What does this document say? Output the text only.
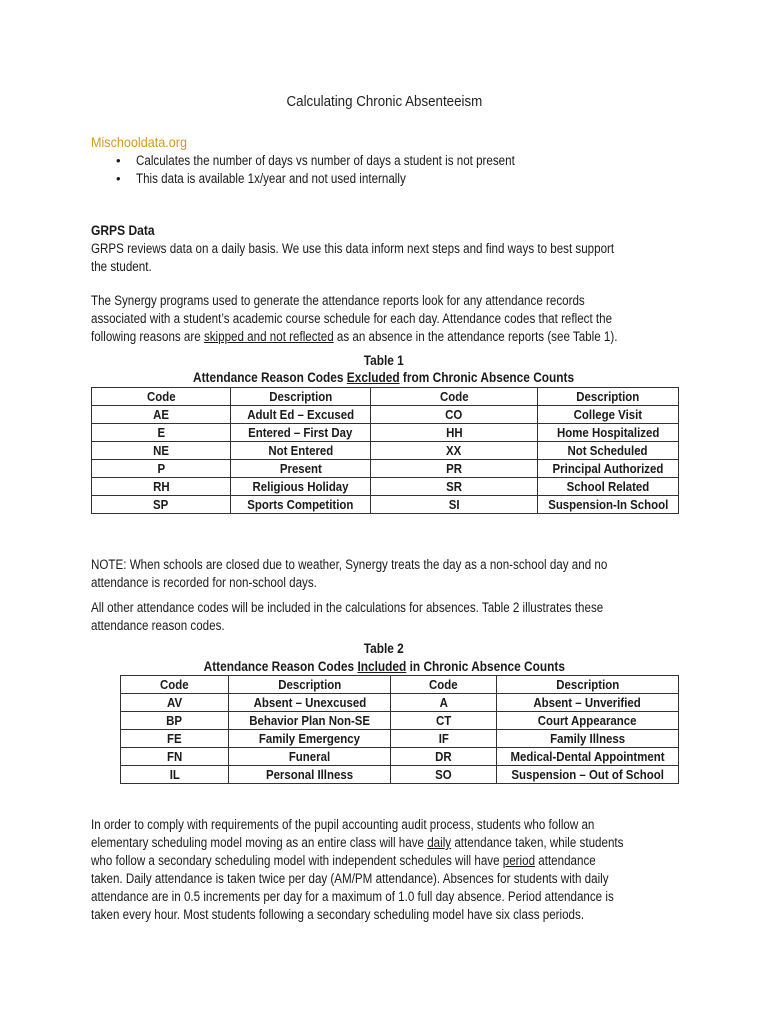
Calculating Chronic Absenteeism
Mischooldata.org
• Calculates the number of days vs number of days a student is not present
• This data is available 1x/year and not used internally
GRPS Data
GRPS reviews data on a daily basis. We use this data inform next steps and find ways to best support
the student.
The Synergy programs used to generate the attendance reports look for any attendance records
associated with a student’s academic course schedule for each day. Attendance codes that reflect the
following reasons are skipped and not reflected as an absence in the attendance reports (see Table 1).
Table 1
Attendance Reason Codes Excluded from Chronic Absence Counts
Code	Description	Code	Description
AE	Adult Ed – Excused	CO	College Visit
E	Entered – First Day	HH	Home Hospitalized
NE	Not Entered	XX	Not Scheduled
P	Present	PR	Principal Authorized
RH	Religious Holiday	SR	School Related
SP	Sports Competition	SI	Suspension-In School
NOTE: When schools are closed due to weather, Synergy treats the day as a non-school day and no
attendance is recorded for non-school days.
All other attendance codes will be included in the calculations for absences. Table 2 illustrates these
attendance reason codes.
Table 2
Attendance Reason Codes Included in Chronic Absence Counts
Code	Description	Code	Description
AV	Absent – Unexcused	A	Absent – Unverified
BP	Behavior Plan Non-SE	CT	Court Appearance
FE	Family Emergency	IF	Family Illness
FN	Funeral	DR	Medical-Dental Appointment
IL	Personal Illness	SO	Suspension – Out of School
In order to comply with requirements of the pupil accounting audit process, students who follow an
elementary scheduling model moving as an entire class will have daily attendance taken, while students
who follow a secondary scheduling model with independent schedules will have period attendance
taken. Daily attendance is taken twice per day (AM/PM attendance). Absences for students with daily
attendance are in 0.5 increments per day for a maximum of 1.0 full day absence. Period attendance is
taken every hour. Most students following a secondary scheduling model have six class periods.
